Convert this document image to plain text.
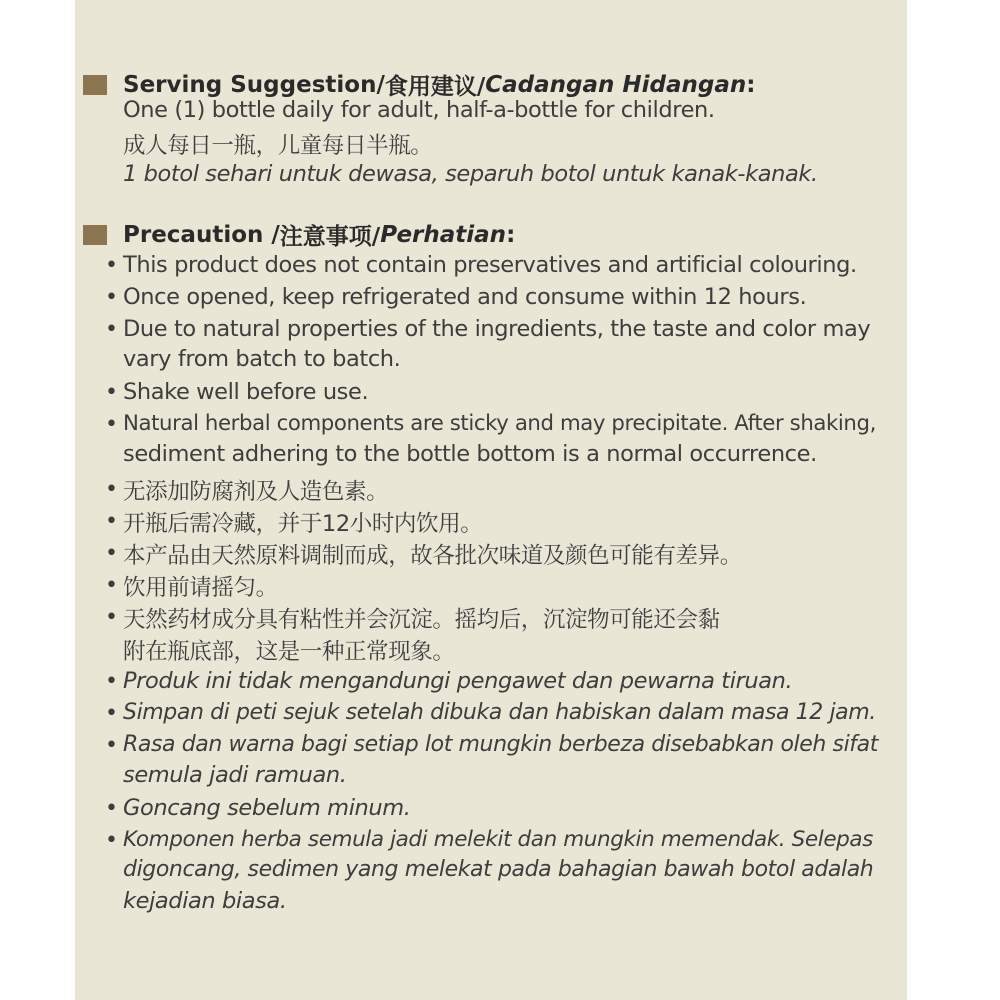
Serving Suggestion/ 食用建议/ Cadangan Hidangan :
One (1) bottle daily for adult, half-a-bottle for children.
成人每日一瓶，儿童每日半瓶。
1 botol sehari untuk dewasa, separuh botol untuk kanak-kanak.
Precaution / 注意事项/ Perhatian :
• This product does not contain preservatives and artificial colouring.
• Once opened, keep refrigerated and consume within 12 hours.
• Due to natural properties of the ingredients, the taste and color may
vary from batch to batch.
• Shake well before use.
• Natural herbal components are sticky and may precipitate. After shaking,
sediment adhering to the bottle bottom is a normal occurrence.
• 无添加防腐剂及人造色素。
• 开瓶后需冷藏，并于12小时内饮用。
• 本产品由天然原料调制而成，故各批次味道及颜色可能有差异。
• 饮用前请摇匀。
• 天然药材成分具有粘性并会沉淀。摇均后，沉淀物可能还会黏
附在瓶底部，这是一种正常现象。
• Produk ini tidak mengandungi pengawet dan pewarna tiruan.
• Simpan di peti sejuk setelah dibuka dan habiskan dalam masa 12 jam.
• Rasa dan warna bagi setiap lot mungkin berbeza disebabkan oleh sifat
semula jadi ramuan.
• Goncang sebelum minum.
• Komponen herba semula jadi melekit dan mungkin memendak. Selepas
digoncang, sedimen yang melekat pada bahagian bawah botol adalah
kejadian biasa.
